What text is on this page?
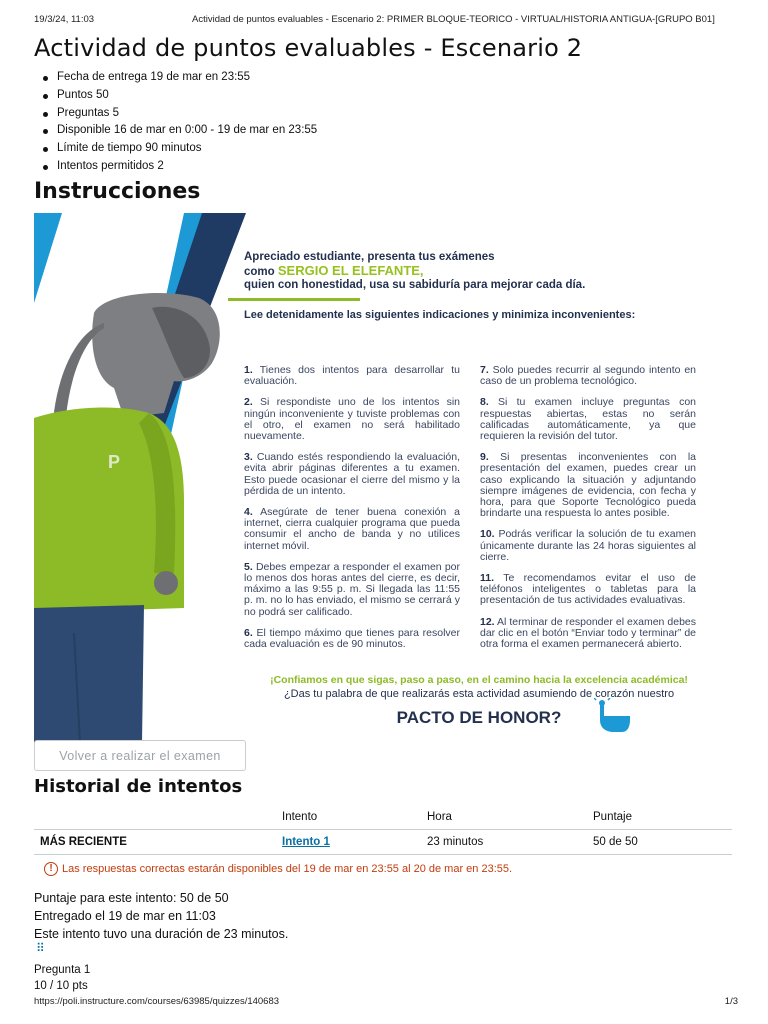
19/3/24, 11:03	Actividad de puntos evaluables - Escenario 2: PRIMER BLOQUE-TEORICO - VIRTUAL/HISTORIA ANTIGUA-[GRUPO B01]
Actividad de puntos evaluables - Escenario 2
Fecha de entrega 19 de mar en 23:55
Puntos 50
Preguntas 5
Disponible 16 de mar en 0:00 - 19 de mar en 23:55
Límite de tiempo 90 minutos
Intentos permitidos 2
Instrucciones
P
Apreciado estudiante, presenta tus exámenes
como SERGIO EL ELEFANTE,
quien con honestidad, usa su sabiduría para mejorar cada día.
Lee detenidamente las siguientes indicaciones y minimiza inconvenientes:
1. Tienes dos intentos para desarrollar tu evaluación.
2. Si respondiste uno de los intentos sin ningún inconveniente y tuviste problemas con el otro, el examen no será habilitado nuevamente.
3. Cuando estés respondiendo la evaluación, evita abrir páginas diferentes a tu examen. Esto puede ocasionar el cierre del mismo y la pérdida de un intento.
4. Asegúrate de tener buena conexión a internet, cierra cualquier programa que pueda consumir el ancho de banda y no utilices internet móvil.
5. Debes empezar a responder el examen por lo menos dos horas antes del cierre, es decir, máximo a las 9:55 p. m. Si llegada las 11:55 p. m. no lo has enviado, el mismo se cerrará y no podrá ser calificado.
6. El tiempo máximo que tienes para resolver cada evaluación es de 90 minutos.
7. Solo puedes recurrir al segundo intento en caso de un problema tecnológico.
8. Si tu examen incluye preguntas con respuestas abiertas, estas no serán calificadas automáticamente, ya que requieren la revisión del tutor.
9. Si presentas inconvenientes con la presentación del examen, puedes crear un caso explicando la situación y adjuntando siempre imágenes de evidencia, con fecha y hora, para que Soporte Tecnológico pueda brindarte una respuesta lo antes posible.
10. Podrás verificar la solución de tu examen únicamente durante las 24 horas siguientes al cierre.
11. Te recomendamos evitar el uso de teléfonos inteligentes o tabletas para la presentación de tus actividades evaluativas.
12. Al terminar de responder el examen debes dar clic en el botón “Enviar todo y terminar” de otra forma el examen permanecerá abierto.
¡Confiamos en que sigas, paso a paso, en el camino hacia la excelencia académica!
¿Das tu palabra de que realizarás esta actividad asumiendo de corazón nuestro
PACTO DE HONOR?
Volver a realizar el examen
Historial de intentos
	Intento	Hora	Puntaje
MÁS RECIENTE	Intento 1	23 minutos	50 de 50
! Las respuestas correctas estarán disponibles del 19 de mar en 23:55 al 20 de mar en 23:55.
Puntaje para este intento: 50 de 50
Entregado el 19 de mar en 11:03
Este intento tuvo una duración de 23 minutos.
⠿
Pregunta 1
10 / 10 pts
https://poli.instructure.com/courses/63985/quizzes/140683	1/3
